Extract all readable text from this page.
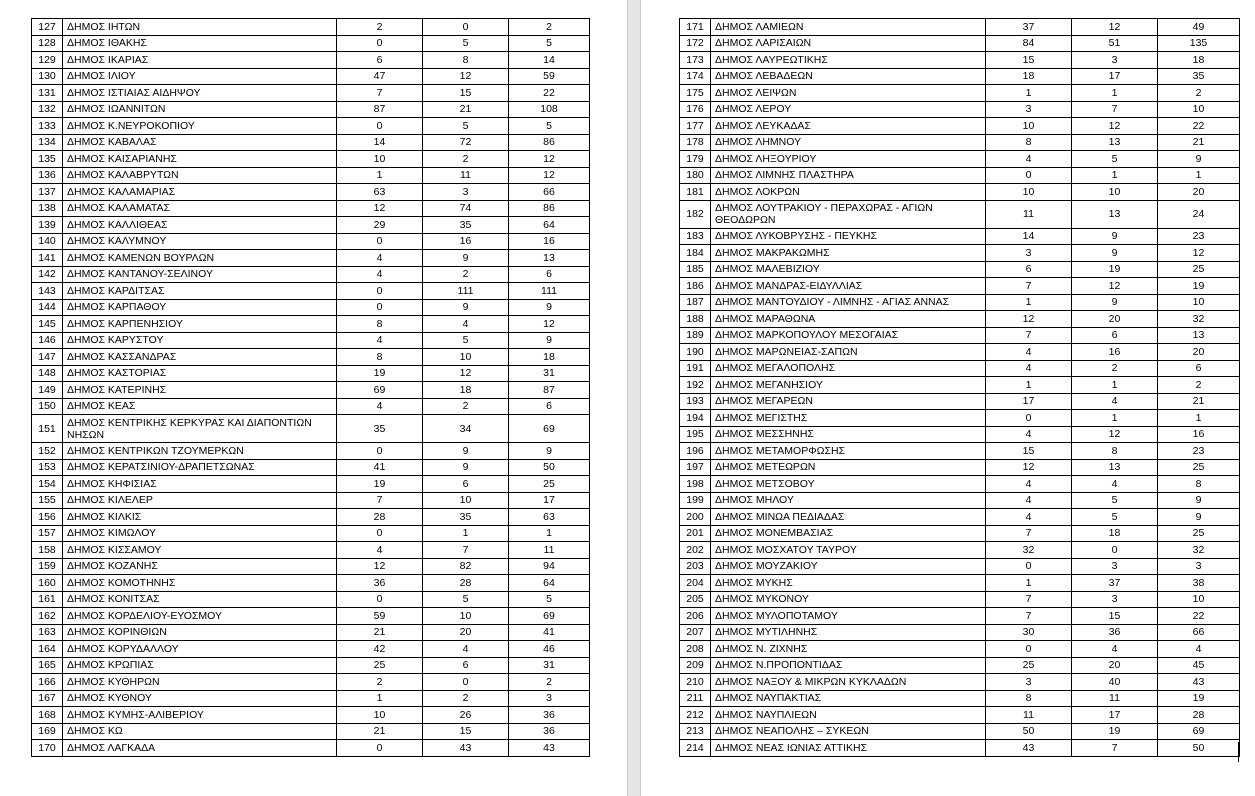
127	ΔΗΜΟΣ ΙΗΤΩΝ	2	0	2
128	ΔΗΜΟΣ ΙΘΑΚΗΣ	0	5	5
129	ΔΗΜΟΣ ΙΚΑΡΙΑΣ	6	8	14
130	ΔΗΜΟΣ ΙΛΙΟΥ	47	12	59
131	ΔΗΜΟΣ ΙΣΤΙΑΙΑΣ ΑΙΔΗΨΟΥ	7	15	22
132	ΔΗΜΟΣ ΙΩΑΝΝΙΤΩΝ	87	21	108
133	ΔΗΜΟΣ Κ.ΝΕΥΡΟΚΟΠΙΟΥ	0	5	5
134	ΔΗΜΟΣ ΚΑΒΑΛΑΣ	14	72	86
135	ΔΗΜΟΣ ΚΑΙΣΑΡΙΑΝΗΣ	10	2	12
136	ΔΗΜΟΣ ΚΑΛΑΒΡΥΤΩΝ	1	11	12
137	ΔΗΜΟΣ ΚΑΛΑΜΑΡΙΑΣ	63	3	66
138	ΔΗΜΟΣ ΚΑΛΑΜΑΤΑΣ	12	74	86
139	ΔΗΜΟΣ ΚΑΛΛΙΘΕΑΣ	29	35	64
140	ΔΗΜΟΣ ΚΑΛΥΜΝΟΥ	0	16	16
141	ΔΗΜΟΣ ΚΑΜΕΝΩΝ ΒΟΥΡΛΩΝ	4	9	13
142	ΔΗΜΟΣ ΚΑΝΤΑΝΟΥ-ΣΕΛΙΝΟΥ	4	2	6
143	ΔΗΜΟΣ ΚΑΡΔΙΤΣΑΣ	0	111	111
144	ΔΗΜΟΣ ΚΑΡΠΑΘΟΥ	0	9	9
145	ΔΗΜΟΣ ΚΑΡΠΕΝΗΣΙΟΥ	8	4	12
146	ΔΗΜΟΣ ΚΑΡΥΣΤΟΥ	4	5	9
147	ΔΗΜΟΣ ΚΑΣΣΑΝΔΡΑΣ	8	10	18
148	ΔΗΜΟΣ ΚΑΣΤΟΡΙΑΣ	19	12	31
149	ΔΗΜΟΣ ΚΑΤΕΡΙΝΗΣ	69	18	87
150	ΔΗΜΟΣ ΚΕΑΣ	4	2	6
151	ΔΗΜΟΣ ΚΕΝΤΡΙΚΗΣ ΚΕΡΚΥΡΑΣ ΚΑΙ ΔΙΑΠΟΝΤΙΩΝ ΝΗΣΩΝ	35	34	69
152	ΔΗΜΟΣ ΚΕΝΤΡΙΚΩΝ ΤΖΟΥΜΕΡΚΩΝ	0	9	9
153	ΔΗΜΟΣ ΚΕΡΑΤΣΙΝΙΟΥ-ΔΡΑΠΕΤΣΩΝΑΣ	41	9	50
154	ΔΗΜΟΣ ΚΗΦΙΣΙΑΣ	19	6	25
155	ΔΗΜΟΣ ΚΙΛΕΛΕΡ	7	10	17
156	ΔΗΜΟΣ ΚΙΛΚΙΣ	28	35	63
157	ΔΗΜΟΣ ΚΙΜΩΛΟΥ	0	1	1
158	ΔΗΜΟΣ ΚΙΣΣΑΜΟΥ	4	7	11
159	ΔΗΜΟΣ ΚΟΖΑΝΗΣ	12	82	94
160	ΔΗΜΟΣ ΚΟΜΟΤΗΝΗΣ	36	28	64
161	ΔΗΜΟΣ ΚΟΝΙΤΣΑΣ	0	5	5
162	ΔΗΜΟΣ ΚΟΡΔΕΛΙΟΥ-ΕΥΟΣΜΟΥ	59	10	69
163	ΔΗΜΟΣ ΚΟΡΙΝΘΙΩΝ	21	20	41
164	ΔΗΜΟΣ ΚΟΡΥΔΑΛΛΟΥ	42	4	46
165	ΔΗΜΟΣ ΚΡΩΠΙΑΣ	25	6	31
166	ΔΗΜΟΣ ΚΥΘΗΡΩΝ	2	0	2
167	ΔΗΜΟΣ ΚΥΘΝΟΥ	1	2	3
168	ΔΗΜΟΣ ΚΥΜΗΣ-ΑΛΙΒΕΡΙΟΥ	10	26	36
169	ΔΗΜΟΣ ΚΩ	21	15	36
170	ΔΗΜΟΣ ΛΑΓΚΑΔΑ	0	43	43
171	ΔΗΜΟΣ ΛΑΜΙΕΩΝ	37	12	49
172	ΔΗΜΟΣ ΛΑΡΙΣΑΙΩΝ	84	51	135
173	ΔΗΜΟΣ ΛΑΥΡΕΩΤΙΚΗΣ	15	3	18
174	ΔΗΜΟΣ ΛΕΒΑΔΕΩΝ	18	17	35
175	ΔΗΜΟΣ ΛΕΙΨΩΝ	1	1	2
176	ΔΗΜΟΣ ΛΕΡΟΥ	3	7	10
177	ΔΗΜΟΣ ΛΕΥΚΑΔΑΣ	10	12	22
178	ΔΗΜΟΣ ΛΗΜΝΟΥ	8	13	21
179	ΔΗΜΟΣ ΛΗΞΟΥΡΙΟΥ	4	5	9
180	ΔΗΜΟΣ ΛΙΜΝΗΣ ΠΛΑΣΤΗΡΑ	0	1	1
181	ΔΗΜΟΣ ΛΟΚΡΩΝ	10	10	20
182	ΔΗΜΟΣ ΛΟΥΤΡΑΚΙΟΥ - ΠΕΡΑΧΩΡΑΣ - ΑΓΙΩΝ ΘΕΟΔΩΡΩΝ	11	13	24
183	ΔΗΜΟΣ ΛΥΚΟΒΡΥΣΗΣ - ΠΕΥΚΗΣ	14	9	23
184	ΔΗΜΟΣ ΜΑΚΡΑΚΩΜΗΣ	3	9	12
185	ΔΗΜΟΣ ΜΑΛΕΒΙΖΙΟΥ	6	19	25
186	ΔΗΜΟΣ ΜΑΝΔΡΑΣ-ΕΙΔΥΛΛΙΑΣ	7	12	19
187	ΔΗΜΟΣ ΜΑΝΤΟΥΔΙΟΥ - ΛΙΜΝΗΣ - ΑΓΙΑΣ ΑΝΝΑΣ	1	9	10
188	ΔΗΜΟΣ ΜΑΡΑΘΩΝΑ	12	20	32
189	ΔΗΜΟΣ ΜΑΡΚΟΠΟΥΛΟΥ ΜΕΣΟΓΑΙΑΣ	7	6	13
190	ΔΗΜΟΣ ΜΑΡΩΝΕΙΑΣ-ΣΑΠΩΝ	4	16	20
191	ΔΗΜΟΣ ΜΕΓΑΛΟΠΟΛΗΣ	4	2	6
192	ΔΗΜΟΣ ΜΕΓΑΝΗΣΙΟΥ	1	1	2
193	ΔΗΜΟΣ ΜΕΓΑΡΕΩΝ	17	4	21
194	ΔΗΜΟΣ ΜΕΓΙΣΤΗΣ	0	1	1
195	ΔΗΜΟΣ ΜΕΣΣΗΝΗΣ	4	12	16
196	ΔΗΜΟΣ ΜΕΤΑΜΟΡΦΩΣΗΣ	15	8	23
197	ΔΗΜΟΣ ΜΕΤΕΩΡΩΝ	12	13	25
198	ΔΗΜΟΣ ΜΕΤΣΟΒΟΥ	4	4	8
199	ΔΗΜΟΣ ΜΗΛΟΥ	4	5	9
200	ΔΗΜΟΣ ΜΙΝΩΑ ΠΕΔΙΑΔΑΣ	4	5	9
201	ΔΗΜΟΣ ΜΟΝΕΜΒΑΣΙΑΣ	7	18	25
202	ΔΗΜΟΣ ΜΟΣΧΑΤΟΥ ΤΑΥΡΟΥ	32	0	32
203	ΔΗΜΟΣ ΜΟΥΖΑΚΙΟΥ	0	3	3
204	ΔΗΜΟΣ ΜΥΚΗΣ	1	37	38
205	ΔΗΜΟΣ ΜΥΚΟΝΟΥ	7	3	10
206	ΔΗΜΟΣ ΜΥΛΟΠΟΤΑΜΟΥ	7	15	22
207	ΔΗΜΟΣ ΜΥΤΙΛΗΝΗΣ	30	36	66
208	ΔΗΜΟΣ Ν. ΖΙΧΝΗΣ	0	4	4
209	ΔΗΜΟΣ Ν.ΠΡΟΠΟΝΤΙΔΑΣ	25	20	45
210	ΔΗΜΟΣ ΝΑΞΟΥ & ΜΙΚΡΩΝ ΚΥΚΛΑΔΩΝ	3	40	43
211	ΔΗΜΟΣ ΝΑΥΠΑΚΤΙΑΣ	8	11	19
212	ΔΗΜΟΣ ΝΑΥΠΛΙΕΩΝ	11	17	28
213	ΔΗΜΟΣ ΝΕΑΠΟΛΗΣ – ΣΥΚΕΩΝ	50	19	69
214	ΔΗΜΟΣ ΝΕΑΣ ΙΩΝΙΑΣ ΑΤΤΙΚΗΣ	43	7	50
